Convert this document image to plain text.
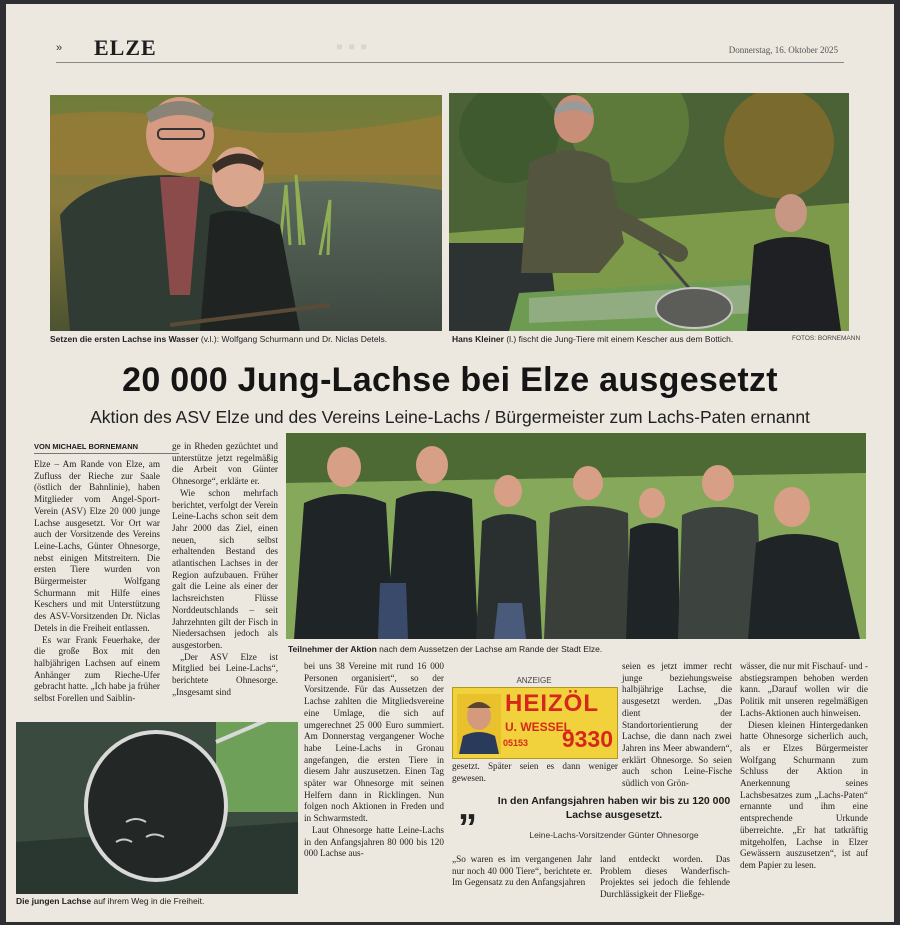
▪ ▪ ▪
» ELZE	Donnerstag, 16. Oktober 2025
Setzen die ersten Lachse ins Wasser (v.l.): Wolfgang Schurmann und Dr. Niclas Detels.	Hans Kleiner (l.) fischt die Jung-Tiere mit einem Kescher aus dem Bottich.	FOTOS: BORNEMANN
20 000 Jung-Lachse bei Elze ausgesetzt
Aktion des ASV Elze und des Vereins Leine-Lachs / Bürgermeister zum Lachs-Paten ernannt
VON MICHAEL BORNEMANN

Elze – Am Rande von Elze, am Zufluss der Rieche zur Saale (östlich der Bahnlinie), haben Mitglieder vom Angel-Sport-Verein (ASV) Elze 20 000 junge Lachse ausgesetzt. Vor Ort war auch der Vorsitzende des Vereins Leine-Lachs, Günter Ohnesorge, nebst einigen Mitstreitern. Die ersten Tiere wurden von Bürgermeister Wolfgang Schurmann mit Hilfe eines Keschers und mit Unterstützung des ASV-Vorsitzenden Dr. Niclas Detels in die Freiheit entlassen.

Es war Frank Feuerhake, der die große Box mit den halbjährigen Lachsen auf einem Anhänger zum Rieche-Ufer gebracht hatte. „Ich habe ja früher selbst Forellen und Saiblin-

ge in Rheden gezüchtet und unterstütze jetzt regelmäßig die Arbeit von Günter Ohnesorge“, erklärte er.

Wie schon mehrfach berichtet, verfolgt der Verein Leine-Lachs schon seit dem Jahr 2000 das Ziel, einen neuen, sich selbst erhaltenden Bestand des atlantischen Lachses in der Region aufzubauen. Früher galt die Leine als einer der lachsreichsten Flüsse Norddeutschlands – seit Jahrzehnten gilt der Fisch in Niedersachsen jedoch als ausgestorben.

„Der ASV Elze ist Mitglied bei Leine-Lachs“, berichtete Ohnesorge. „Insgesamt sind

Teilnehmer der Aktion nach dem Aussetzen der Lachse am Rande der Stadt Elze.
Die jungen Lachse auf ihrem Weg in die Freiheit.

bei uns 38 Vereine mit rund 16 000 Personen organisiert“, so der Vorsitzende. Für das Aussetzen der Lachse zahlten die Mitgliedsvereine eine Umlage, die sich auf umgerechnet 25 000 Euro summiert. Am Donnerstag vergangener Woche habe Leine-Lachs in Gronau angefangen, die ersten Tiere in diesem Jahr auszusetzen. Einen Tag später war Ohnesorge mit seinen Helfern dann in Ricklingen. Nun folgen noch Aktionen in Freden und in Schwarmstedt.

Laut Ohnesorge hatte Leine-Lachs in den Anfangsjahren 80 000 bis 120 000 Lachse aus-

ANZEIGE
HEIZÖL
U. WESSEL
05153 9330

seien es jetzt immer recht junge beziehungsweise halbjährige Lachse, die ausgesetzt werden. „Das dient der Standortorientierung der Lachse, die dann nach zwei Jahren ins Meer abwandern“, erklärt Ohnesorge. So seien auch schon Leine-Fische südlich von Grön-

gesetzt. Später seien es dann weniger gewesen.

„ In den Anfangsjahren haben wir bis zu 120 000 Lachse ausgesetzt.
Leine-Lachs-Vorsitzender Günter Ohnesorge

„So waren es im vergangenen Jahr nur noch 40 000 Tiere“, berichtete er. Im Gegensatz zu den Anfangsjahren

land entdeckt worden. Das Problem dieses Wanderfisch-Projektes sei jedoch die fehlende Durchlässigkeit der Fließge-

wässer, die nur mit Fischauf- und -abstiegsrampen behoben werden kann. „Darauf wollen wir die Politik mit unseren regelmäßigen Lachs-Aktionen auch hinweisen.

Diesen kleinen Hintergedanken hatte Ohnesorge sicherlich auch, als er Elzes Bürgermeister Wolfgang Schurmann zum Schluss der Aktion in Anerkennung seines Lachsbesatzes zum „Lachs-Paten“ ernannte und ihm eine entsprechende Urkunde überreichte. „Er hat tatkräftig mitgeholfen, Lachse in Elzer Gewässern auszusetzen“, ist auf dem Papier zu lesen.
